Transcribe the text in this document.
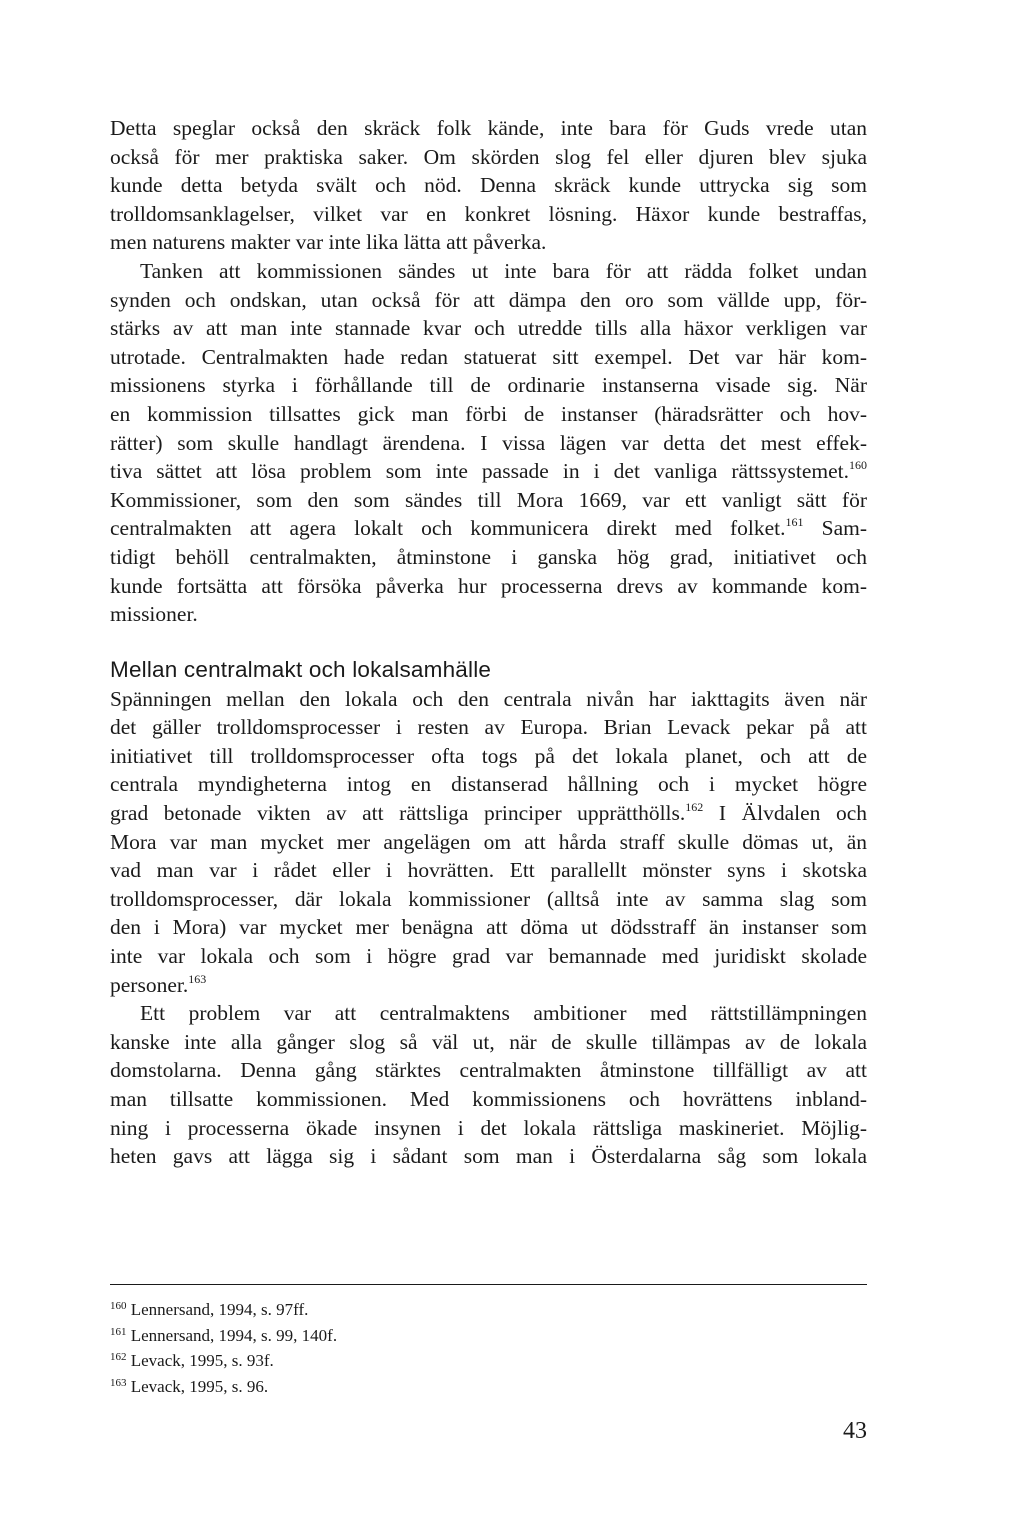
Detta speglar också den skräck folk kände, inte bara för Guds vrede utan
också för mer praktiska saker. Om skörden slog fel eller djuren blev sjuka
kunde detta betyda svält och nöd. Denna skräck kunde uttrycka sig som
trolldomsanklagelser, vilket var en konkret lösning. Häxor kunde bestraffas,
men naturens makter var inte lika lätta att påverka.
Tanken att kommissionen sändes ut inte bara för att rädda folket undan
synden och ondskan, utan också för att dämpa den oro som vällde upp, för-
stärks av att man inte stannade kvar och utredde tills alla häxor verkligen var
utrotade. Centralmakten hade redan statuerat sitt exempel. Det var här kom-
missionens styrka i förhållande till de ordinarie instanserna visade sig. När
en kommission tillsattes gick man förbi de instanser (häradsrätter och hov-
rätter) som skulle handlagt ärendena. I vissa lägen var detta det mest effek-
tiva sättet att lösa problem som inte passade in i det vanliga rättssystemet.$^{160}$
Kommissioner, som den som sändes till Mora 1669, var ett vanligt sätt för
centralmakten att agera lokalt och kommunicera direkt med folket.$^{161}$ Sam-
tidigt behöll centralmakten, åtminstone i ganska hög grad, initiativet och
kunde fortsätta att försöka påverka hur processerna drevs av kommande kom-
missioner.
Mellan centralmakt och lokalsamhälle
Spänningen mellan den lokala och den centrala nivån har iakttagits även när
det gäller trolldomsprocesser i resten av Europa. Brian Levack pekar på att
initiativet till trolldomsprocesser ofta togs på det lokala planet, och att de
centrala myndigheterna intog en distanserad hållning och i mycket högre
grad betonade vikten av att rättsliga principer upprätthölls.$^{162}$ I Älvdalen och
Mora var man mycket mer angelägen om att hårda straff skulle dömas ut, än
vad man var i rådet eller i hovrätten. Ett parallellt mönster syns i skotska
trolldomsprocesser, där lokala kommissioner (alltså inte av samma slag som
den i Mora) var mycket mer benägna att döma ut dödsstraff än instanser som
inte var lokala och som i högre grad var bemannade med juridiskt skolade
personer.$^{163}$
Ett problem var att centralmaktens ambitioner med rättstillämpningen
kanske inte alla gånger slog så väl ut, när de skulle tillämpas av de lokala
domstolarna. Denna gång stärktes centralmakten åtminstone tillfälligt av att
man tillsatte kommissionen. Med kommissionens och hovrättens inbland-
ning i processerna ökade insynen i det lokala rättsliga maskineriet. Möjlig-
heten gavs att lägga sig i sådant som man i Österdalarna såg som lokala
$^{160}$ Lennersand, 1994, s. 97ff.
$^{161}$ Lennersand, 1994, s. 99, 140f.
$^{162}$ Levack, 1995, s. 93f.
$^{163}$ Levack, 1995, s. 96.
43
